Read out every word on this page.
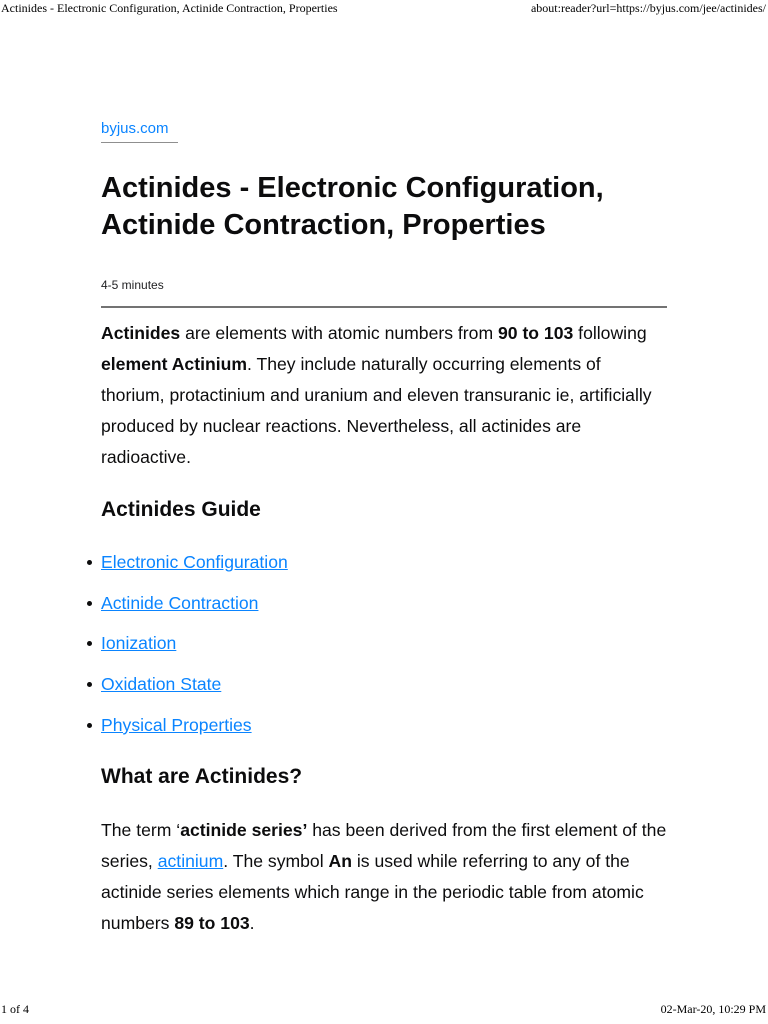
Actinides - Electronic Configuration, Actinide Contraction, Properties	about:reader?url=https://byjus.com/jee/actinides/
byjus.com
Actinides - Electronic Configuration, Actinide Contraction, Properties
4-5 minutes

Actinides are elements with atomic numbers from 90 to 103 following element Actinium. They include naturally occurring elements of thorium, protactinium and uranium and eleven transuranic ie, artificially produced by nuclear reactions. Nevertheless, all actinides are radioactive.

Actinides Guide
Electronic Configuration
Actinide Contraction
Ionization
Oxidation State
Physical Properties
What are Actinides?

The term ‘actinide series’ has been derived from the first element of the series, actinium. The symbol An is used while referring to any of the actinide series elements which range in the periodic table from atomic numbers 89 to 103.

1 of 4	02-Mar-20, 10:29 PM
